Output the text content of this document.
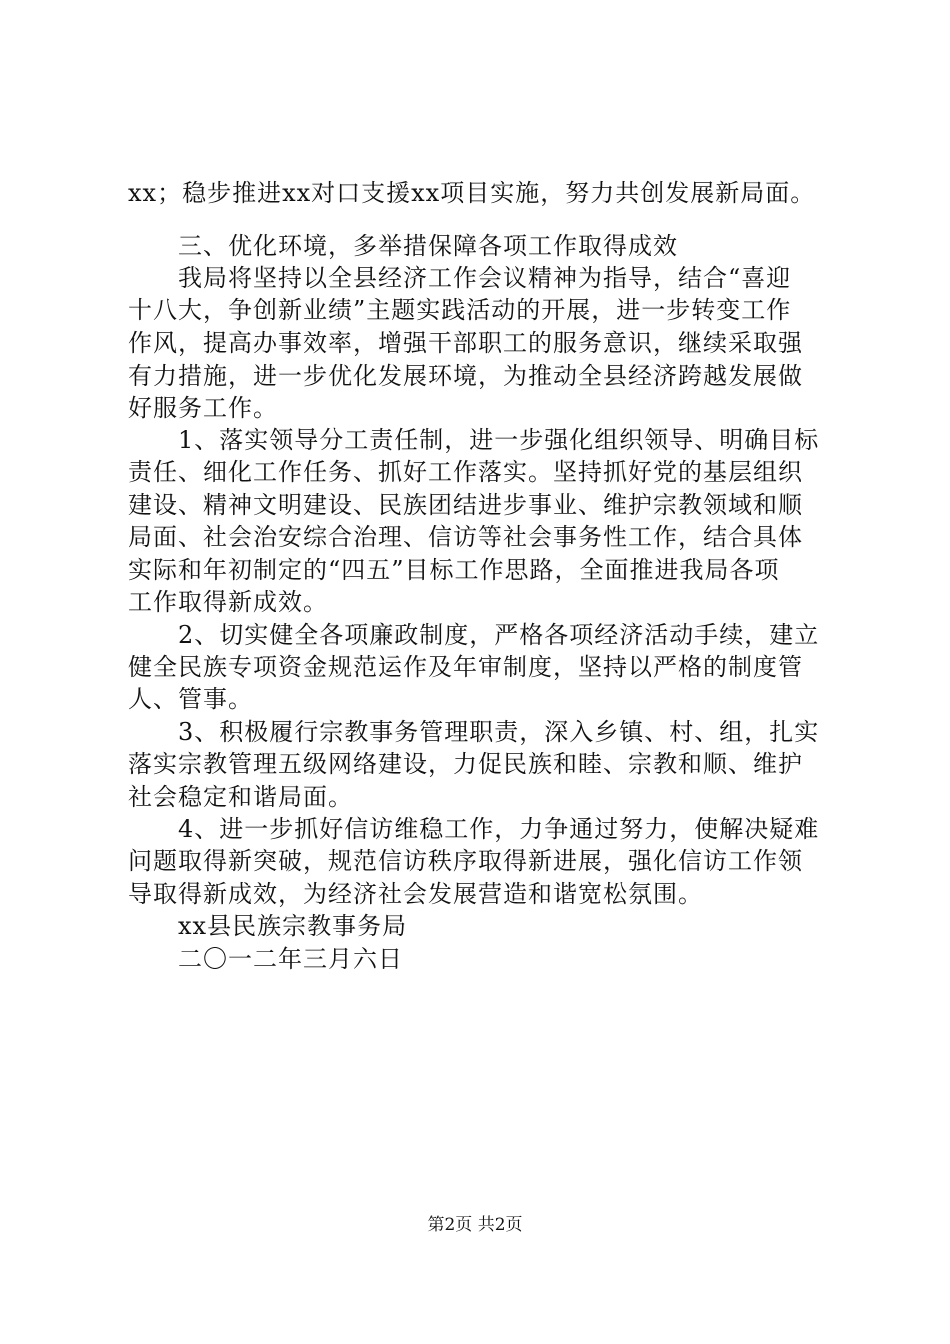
xx；稳步推进xx对口支援xx项目实施，努力共创发展新局面。
三、优化环境，多举措保障各项工作取得成效
我局将坚持以全县经济工作会议精神为指导，结合“喜迎
十八大，争创新业绩”主题实践活动的开展，进一步转变工作
作风，提高办事效率，增强干部职工的服务意识，继续采取强
有力措施，进一步优化发展环境，为推动全县经济跨越发展做
好服务工作。
1、落实领导分工责任制，进一步强化组织领导、明确目标
责任、细化工作任务、抓好工作落实。坚持抓好党的基层组织
建设、精神文明建设、民族团结进步事业、维护宗教领域和顺
局面、社会治安综合治理、信访等社会事务性工作，结合具体
实际和年初制定的“四五”目标工作思路，全面推进我局各项
工作取得新成效。
2、切实健全各项廉政制度，严格各项经济活动手续，建立
健全民族专项资金规范运作及年审制度，坚持以严格的制度管
人、管事。
3、积极履行宗教事务管理职责，深入乡镇、村、组，扎实
落实宗教管理五级网络建设，力促民族和睦、宗教和顺、维护
社会稳定和谐局面。
4、进一步抓好信访维稳工作，力争通过努力，使解决疑难
问题取得新突破，规范信访秩序取得新进展，强化信访工作领
导取得新成效，为经济社会发展营造和谐宽松氛围。
xx县民族宗教事务局
二〇一二年三月六日
第2页 共2页
